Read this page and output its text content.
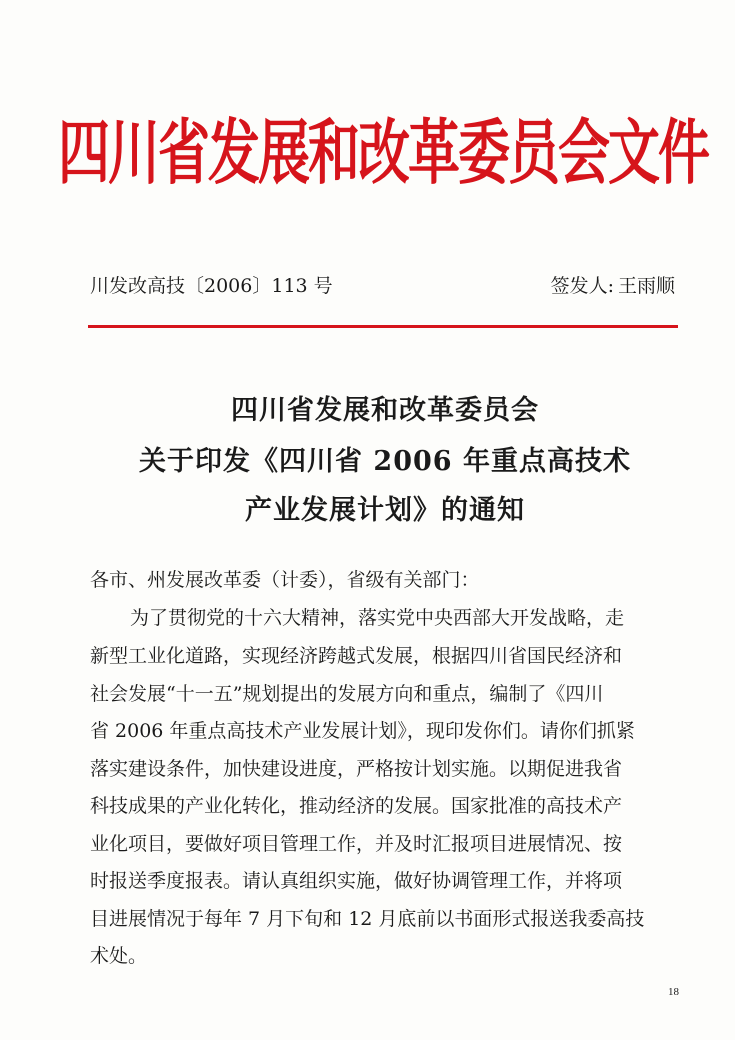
四川省发展和改革委员会文件
川发改高技〔2006〕113 号	签发人: 王雨顺
四川省发展和改革委员会
关于印发《四川省 2006 年重点高技术
产业发展计划》的通知
各市、州发展改革委（计委），省级有关部门：
为了贯彻党的十六大精神，落实党中央西部大开发战略，走
新型工业化道路，实现经济跨越式发展，根据四川省国民经济和
社会发展“十一五”规划提出的发展方向和重点，编制了《四川
省 2006 年重点高技术产业发展计划》，现印发你们。请你们抓紧
落实建设条件，加快建设进度，严格按计划实施。以期促进我省
科技成果的产业化转化，推动经济的发展。国家批准的高技术产
业化项目，要做好项目管理工作，并及时汇报项目进展情况、按
时报送季度报表。请认真组织实施，做好协调管理工作，并将项
目进展情况于每年 7 月下旬和 12 月底前以书面形式报送我委高技
术处。
18
